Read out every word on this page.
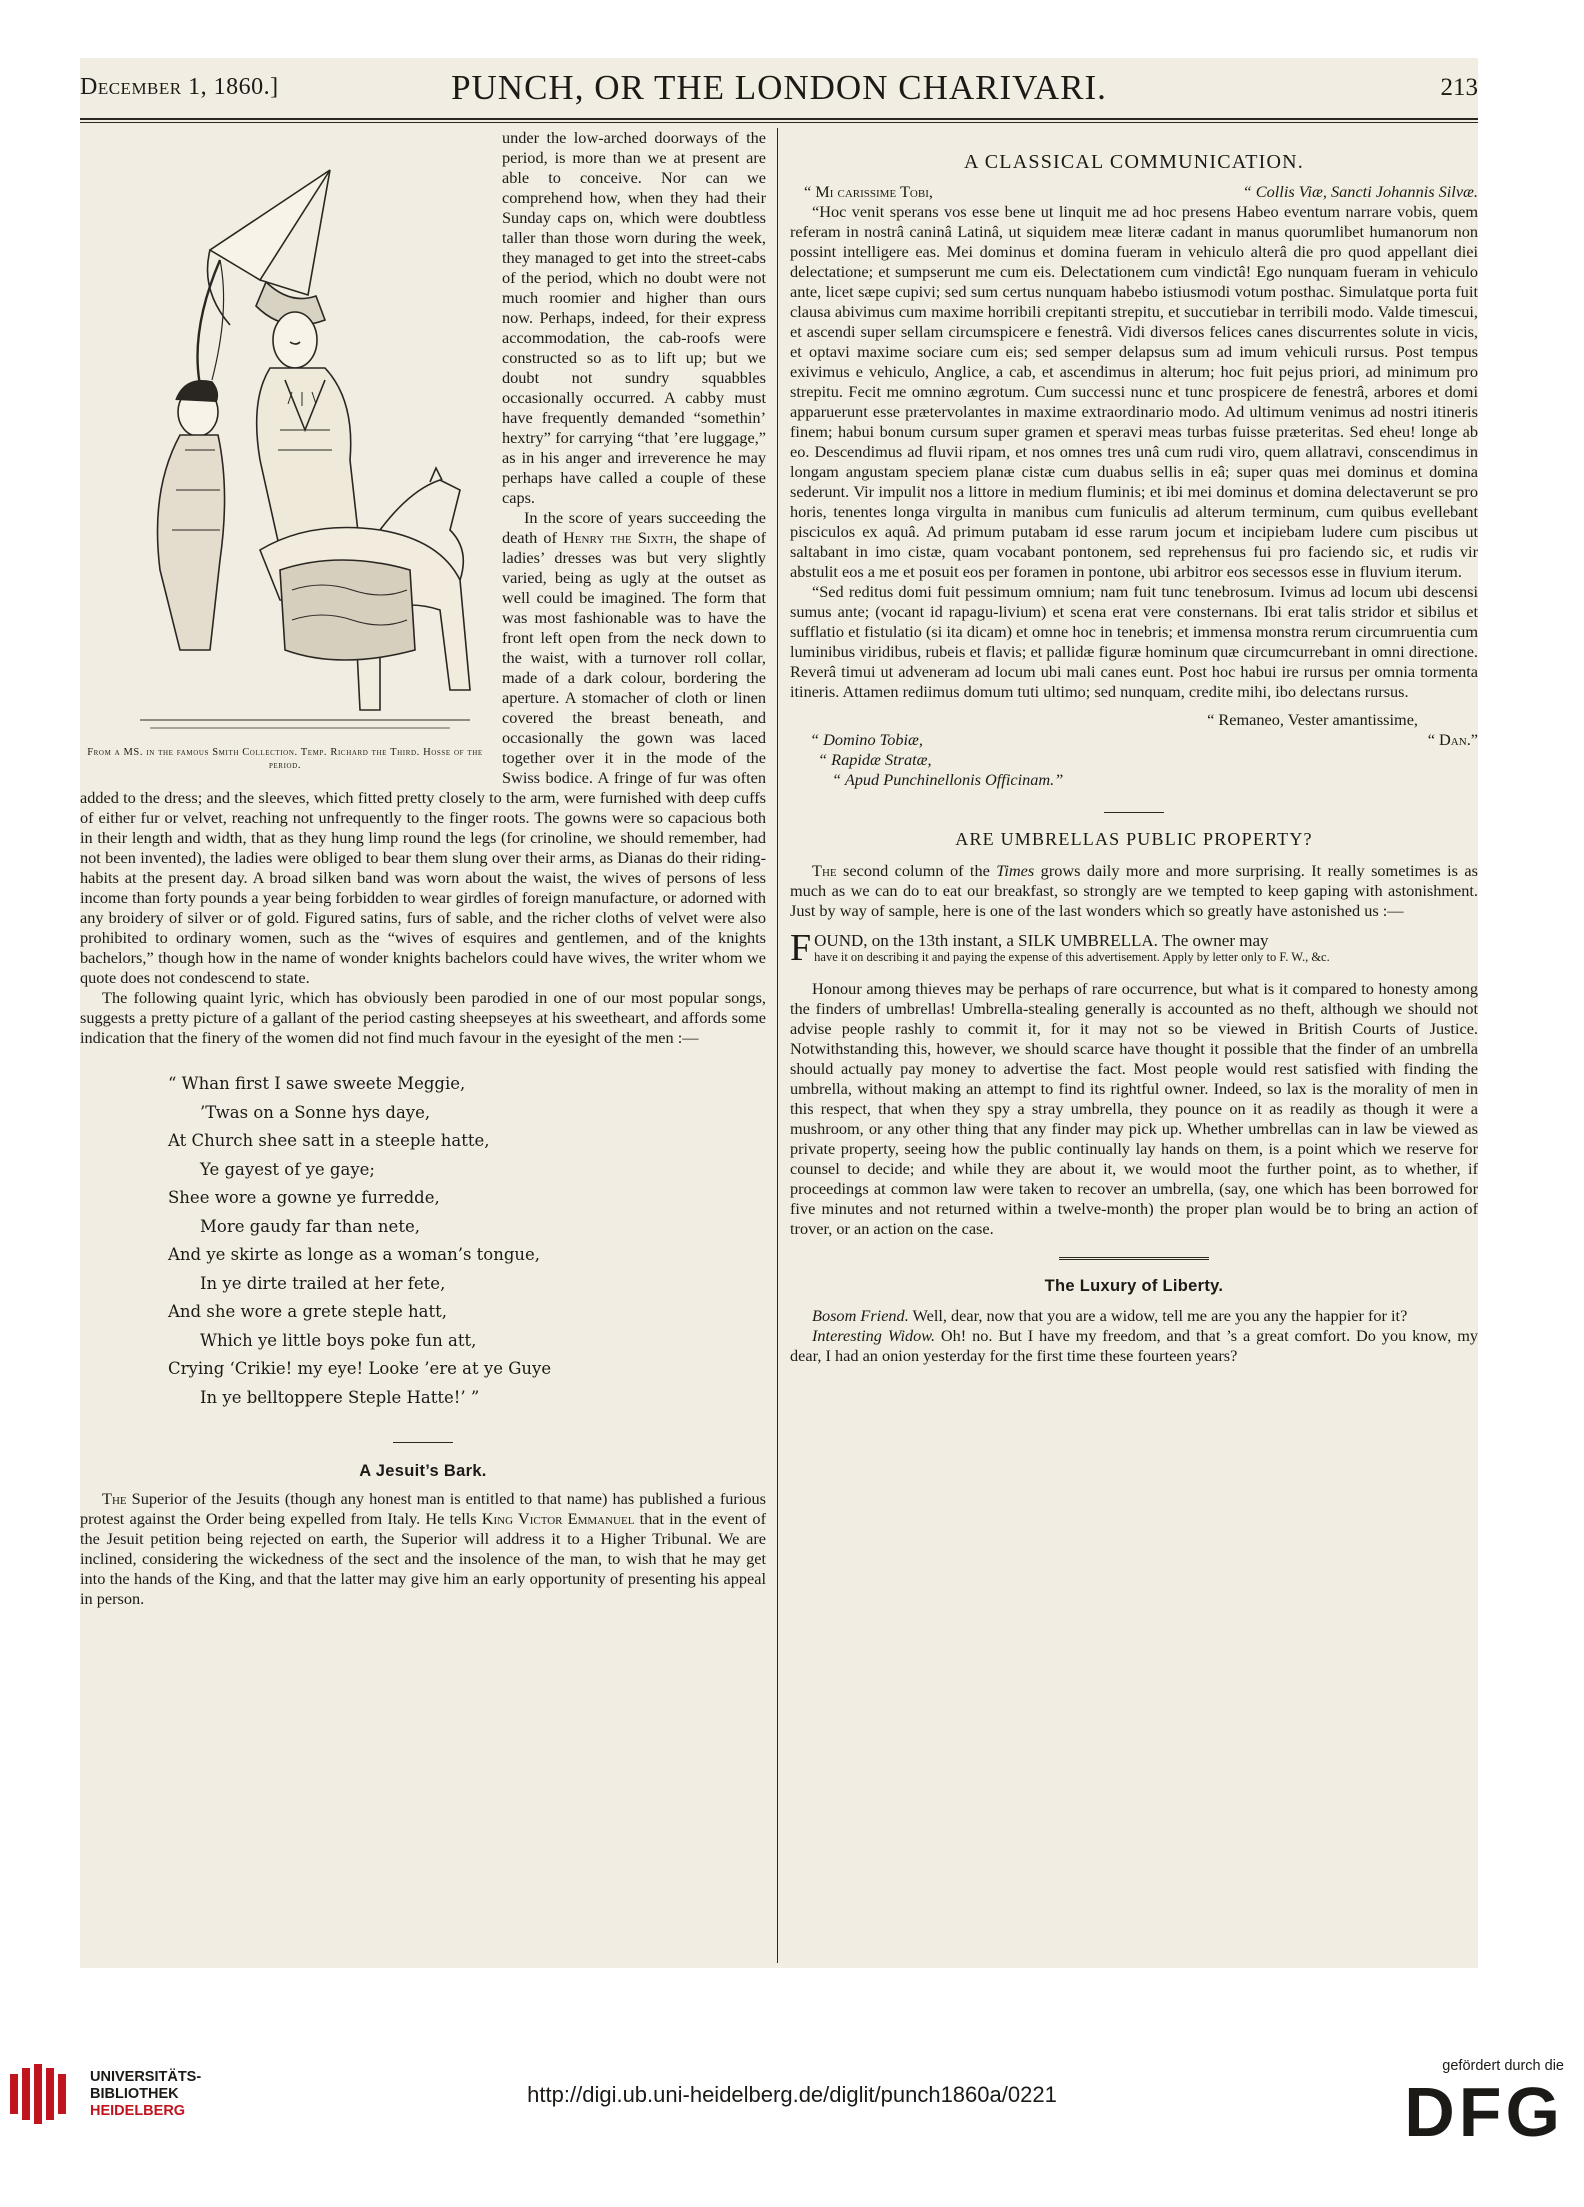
December 1, 1860.]	PUNCH, OR THE LONDON CHARIVARI.	213
From a MS. in the famous Smith Collection. Temp. Richard the Third. Hosse of the period.

under the low-arched doorways of the period, is more than we at present are able to conceive. Nor can we comprehend how, when they had their Sunday caps on, which were doubtless taller than those worn during the week, they managed to get into the street-cabs of the period, which no doubt were not much roomier and higher than ours now. Perhaps, indeed, for their express accommodation, the cab-roofs were constructed so as to lift up; but we doubt not sundry squabbles occasionally occurred. A cabby must have frequently demanded “somethin’ hextry” for carrying “that ’ere luggage,” as in his anger and irreverence he may perhaps have called a couple of these caps.

In the score of years succeeding the death of Henry the Sixth, the shape of ladies’ dresses was but very slightly varied, being as ugly at the outset as well could be imagined. The form that was most fashionable was to have the front left open from the neck down to the waist, with a turnover roll collar, made of a dark colour, bordering the aperture. A stomacher of cloth or linen covered the breast beneath, and occasionally the gown was laced together over it in the mode of the Swiss bodice. A fringe of fur was often added to the dress; and the sleeves, which fitted pretty closely to the arm, were furnished with deep cuffs of either fur or velvet, reaching not unfrequently to the finger roots. The gowns were so capacious both in their length and width, that as they hung limp round the legs (for crinoline, we should remember, had not been invented), the ladies were obliged to bear them slung over their arms, as Dianas do their riding-habits at the present day. A broad silken band was worn about the waist, the wives of persons of less income than forty pounds a year being forbidden to wear girdles of foreign manufacture, or adorned with any broidery of silver or of gold. Figured satins, furs of sable, and the richer cloths of velvet were also prohibited to ordinary women, such as the “wives of esquires and gentlemen, and of the knights bachelors,” though how in the name of wonder knights bachelors could have wives, the writer whom we quote does not condescend to state.

The following quaint lyric, which has obviously been parodied in one of our most popular songs, suggests a pretty picture of a gallant of the period casting sheepseyes at his sweetheart, and affords some indication that the finery of the women did not find much favour in the eyesight of the men :—

“ Whan first I sawe sweete Meggie,
’Twas on a Sonne hys daye,
At Church shee satt in a steeple hatte,
Ye gayest of ye gaye;
Shee wore a gowne ye furredde,
More gaudy far than nete,
And ye skirte as longe as a woman’s tongue,
In ye dirte trailed at her fete,
And she wore a grete steple hatt,
Which ye little boys poke fun att,
Crying ‘Crikie! my eye! Looke ’ere at ye Guye
In ye belltoppere Steple Hatte!’ ”

A Jesuit’s Bark.

The Superior of the Jesuits (though any honest man is entitled to that name) has published a furious protest against the Order being expelled from Italy. He tells King Victor Emmanuel that in the event of the Jesuit petition being rejected on earth, the Superior will address it to a Higher Tribunal. We are inclined, considering the wickedness of the sect and the insolence of the man, to wish that he may get into the hands of the King, and that the latter may give him an early opportunity of presenting his appeal in person.

A CLASSICAL COMMUNICATION.

“ Mi carissime Tobi,	“ Collis Viæ, Sancti Johannis Silvæ.

“Hoc venit sperans vos esse bene ut linquit me ad hoc presens Habeo eventum narrare vobis, quem referam in nostrâ caninâ Latinâ, ut siquidem meæ literæ cadant in manus quorumlibet humanorum non possint intelligere eas. Mei dominus et domina fueram in vehiculo alterâ die pro quod appellant diei delectatione; et sumpserunt me cum eis. Delectationem cum vindictâ! Ego nunquam fueram in vehiculo ante, licet sæpe cupivi; sed sum certus nunquam habebo istiusmodi votum posthac. Simulatque porta fuit clausa abivimus cum maxime horribili crepitanti strepitu, et succutiebar in terribili modo. Valde timescui, et ascendi super sellam circumspicere e fenestrâ. Vidi diversos felices canes discurrentes solute in vicis, et optavi maxime sociare cum eis; sed semper delapsus sum ad imum vehiculi rursus. Post tempus exivimus e vehiculo, Anglice, a cab, et ascendimus in alterum; hoc fuit pejus priori, ad minimum pro strepitu. Fecit me omnino ægrotum. Cum successi nunc et tunc prospicere de fenestrâ, arbores et domi apparuerunt esse prætervolantes in maxime extraordinario modo. Ad ultimum venimus ad nostri itineris finem; habui bonum cursum super gramen et speravi meas turbas fuisse præteritas. Sed eheu! longe ab eo. Descendimus ad fluvii ripam, et nos omnes tres unâ cum rudi viro, quem allatravi, conscendimus in longam angustam speciem planæ cistæ cum duabus sellis in eâ; super quas mei dominus et domina sederunt. Vir impulit nos a littore in medium fluminis; et ibi mei dominus et domina delectaverunt se pro horis, tenentes longa virgulta in manibus cum funiculis ad alterum terminum, cum quibus evellebant pisciculos ex aquâ. Ad primum putabam id esse rarum jocum et incipiebam ludere cum piscibus ut saltabant in imo cistæ, quam vocabant pontonem, sed reprehensus fui pro faciendo sic, et rudis vir abstulit eos a me et posuit eos per foramen in pontone, ubi arbitror eos secessos esse in fluvium iterum.

“Sed reditus domi fuit pessimum omnium; nam fuit tunc tenebrosum. Ivimus ad locum ubi descensi sumus ante; (vocant id rapagu-livium) et scena erat vere consternans. Ibi erat talis stridor et sibilus et sufflatio et fistulatio (si ita dicam) et omne hoc in tenebris; et immensa monstra rerum circumruentia cum luminibus viridibus, rubeis et flavis; et pallidæ figuræ hominum quæ circumcurrebant in omni directione. Reverâ timui ut adveneram ad locum ubi mali canes eunt. Post hoc habui ire rursus per omnia tormenta itineris. Attamen rediimus domum tuti ultimo; sed nunquam, credite mihi, ibo delectans rursus.

“ Remaneo, Vester amantissime,

“ Domino Tobiæ,	“ Dan.”

“ Rapidæ Stratæ,

“ Apud Punchinellonis Officinam.”

ARE UMBRELLAS PUBLIC PROPERTY?

The second column of the Times grows daily more and more surprising. It really sometimes is as much as we can do to eat our breakfast, so strongly are we tempted to keep gaping with astonishment. Just by way of sample, here is one of the last wonders which so greatly have astonished us :—

F OUND, on the 13th instant, a SILK UMBRELLA. The owner may
have it on describing it and paying the expense of this advertisement. Apply by letter only to F. W., &c.

Honour among thieves may be perhaps of rare occurrence, but what is it compared to honesty among the finders of umbrellas! Umbrella-stealing generally is accounted as no theft, although we should not advise people rashly to commit it, for it may not so be viewed in British Courts of Justice. Notwithstanding this, however, we should scarce have thought it possible that the finder of an umbrella should actually pay money to advertise the fact. Most people would rest satisfied with finding the umbrella, without making an attempt to find its rightful owner. Indeed, so lax is the morality of men in this respect, that when they spy a stray umbrella, they pounce on it as readily as though it were a mushroom, or any other thing that any finder may pick up. Whether umbrellas can in law be viewed as private property, seeing how the public continually lay hands on them, is a point which we reserve for counsel to decide; and while they are about it, we would moot the further point, as to whether, if proceedings at common law were taken to recover an umbrella, (say, one which has been borrowed for five minutes and not returned within a twelve-month) the proper plan would be to bring an action of trover, or an action on the case.

The Luxury of Liberty.

Bosom Friend. Well, dear, now that you are a widow, tell me are you any the happier for it?

Interesting Widow. Oh! no. But I have my freedom, and that ’s a great comfort. Do you know, my dear, I had an onion yesterday for the first time these fourteen years?

UNIVERSITÄTS-
BIBLIOTHEK
HEIDELBERG
http://digi.ub.uni-heidelberg.de/diglit/punch1860a/0221
gefördert durch die
DFG
